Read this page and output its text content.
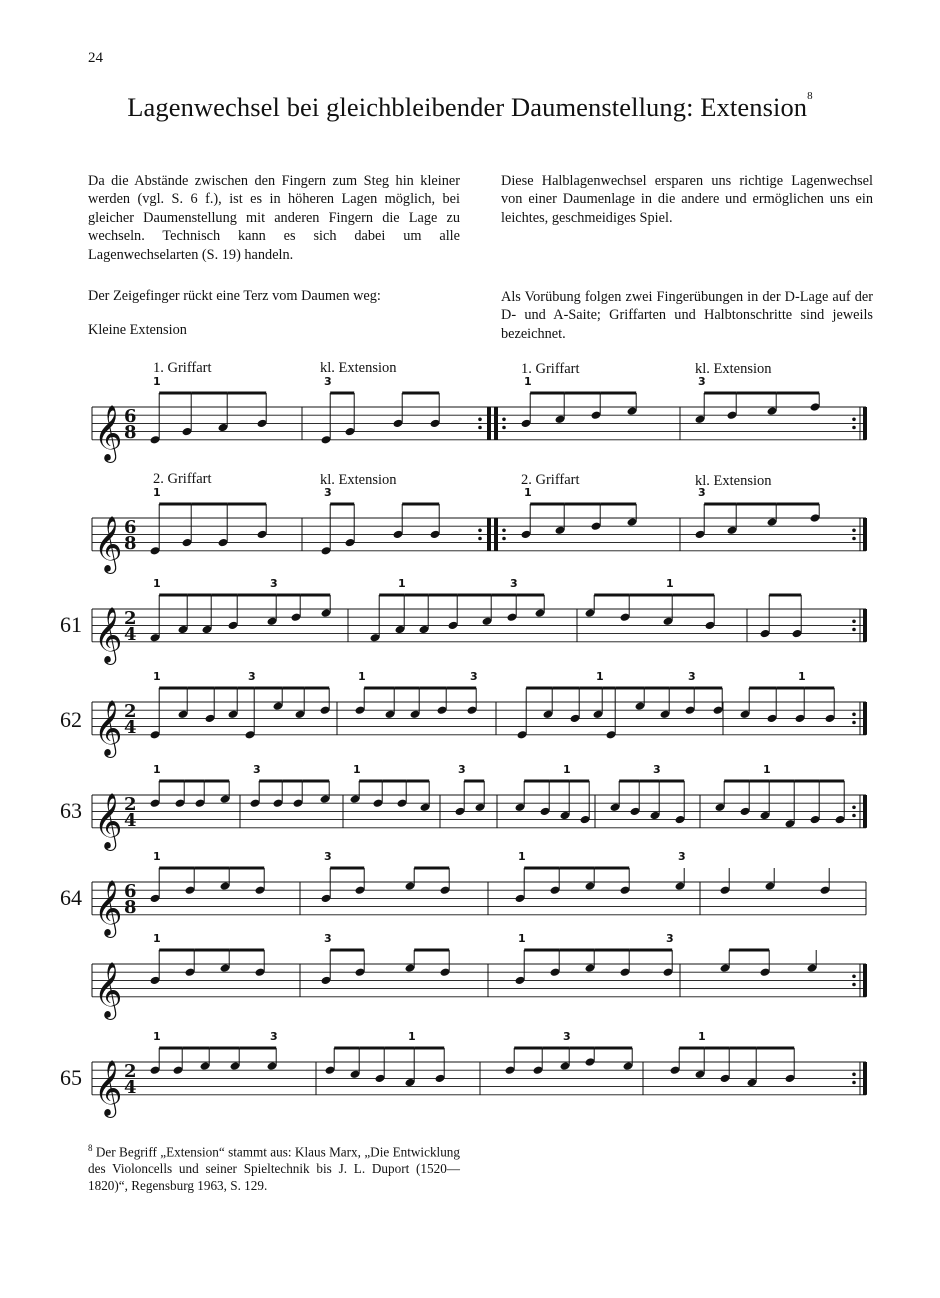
24
Lagenwechsel bei gleichbleibender Daumenstellung: Extension$^8$
Da die Abstände zwischen den Fingern zum Steg hin kleiner werden (vgl. S. 6 f.), ist es in höheren Lagen möglich, bei gleicher Daumenstellung mit anderen Fingern die Lage zu wechseln. Technisch kann es sich dabei um alle Lagenwechselarten (S. 19) handeln.
Diese Halblagenwechsel ersparen uns richtige Lagenwechsel von einer Daumenlage in die andere und ermöglichen uns ein leichtes, geschmeidiges Spiel.
Der Zeigefinger rückt eine Terz vom Daumen weg:
Kleine Extension
Als Vorübung folgen zwei Fingerübungen in der D-Lage auf der D- und A-Saite; Griffarten und Halbtonschritte sind jeweils bezeichnet.
1. Griffart	kl. Extension	1. Griffart	kl. Extension
2. Griffart	kl. Extension	2. Griffart	kl. Extension
61
62
63
64
65
𝄞 6
8
𝄞 6
8
𝄞 2
4
𝄞 2
4
𝄞 2
4
𝄞 6
8
𝄞
𝄞 2
4
1	3	1	3
1	3	1	3
1	3	1	3	1
1	3	1	3	1	3	1
1	3	1	3	1	3	1
1	3	1	3
1	3	1	3
1	3	1	3	1
$^8$ Der Begriff „Extension“ stammt aus: Klaus Marx, „Die Entwicklung des Violoncells und seiner Spieltechnik bis J. L. Duport (1520—1820)“, Regensburg 1963, S. 129.
